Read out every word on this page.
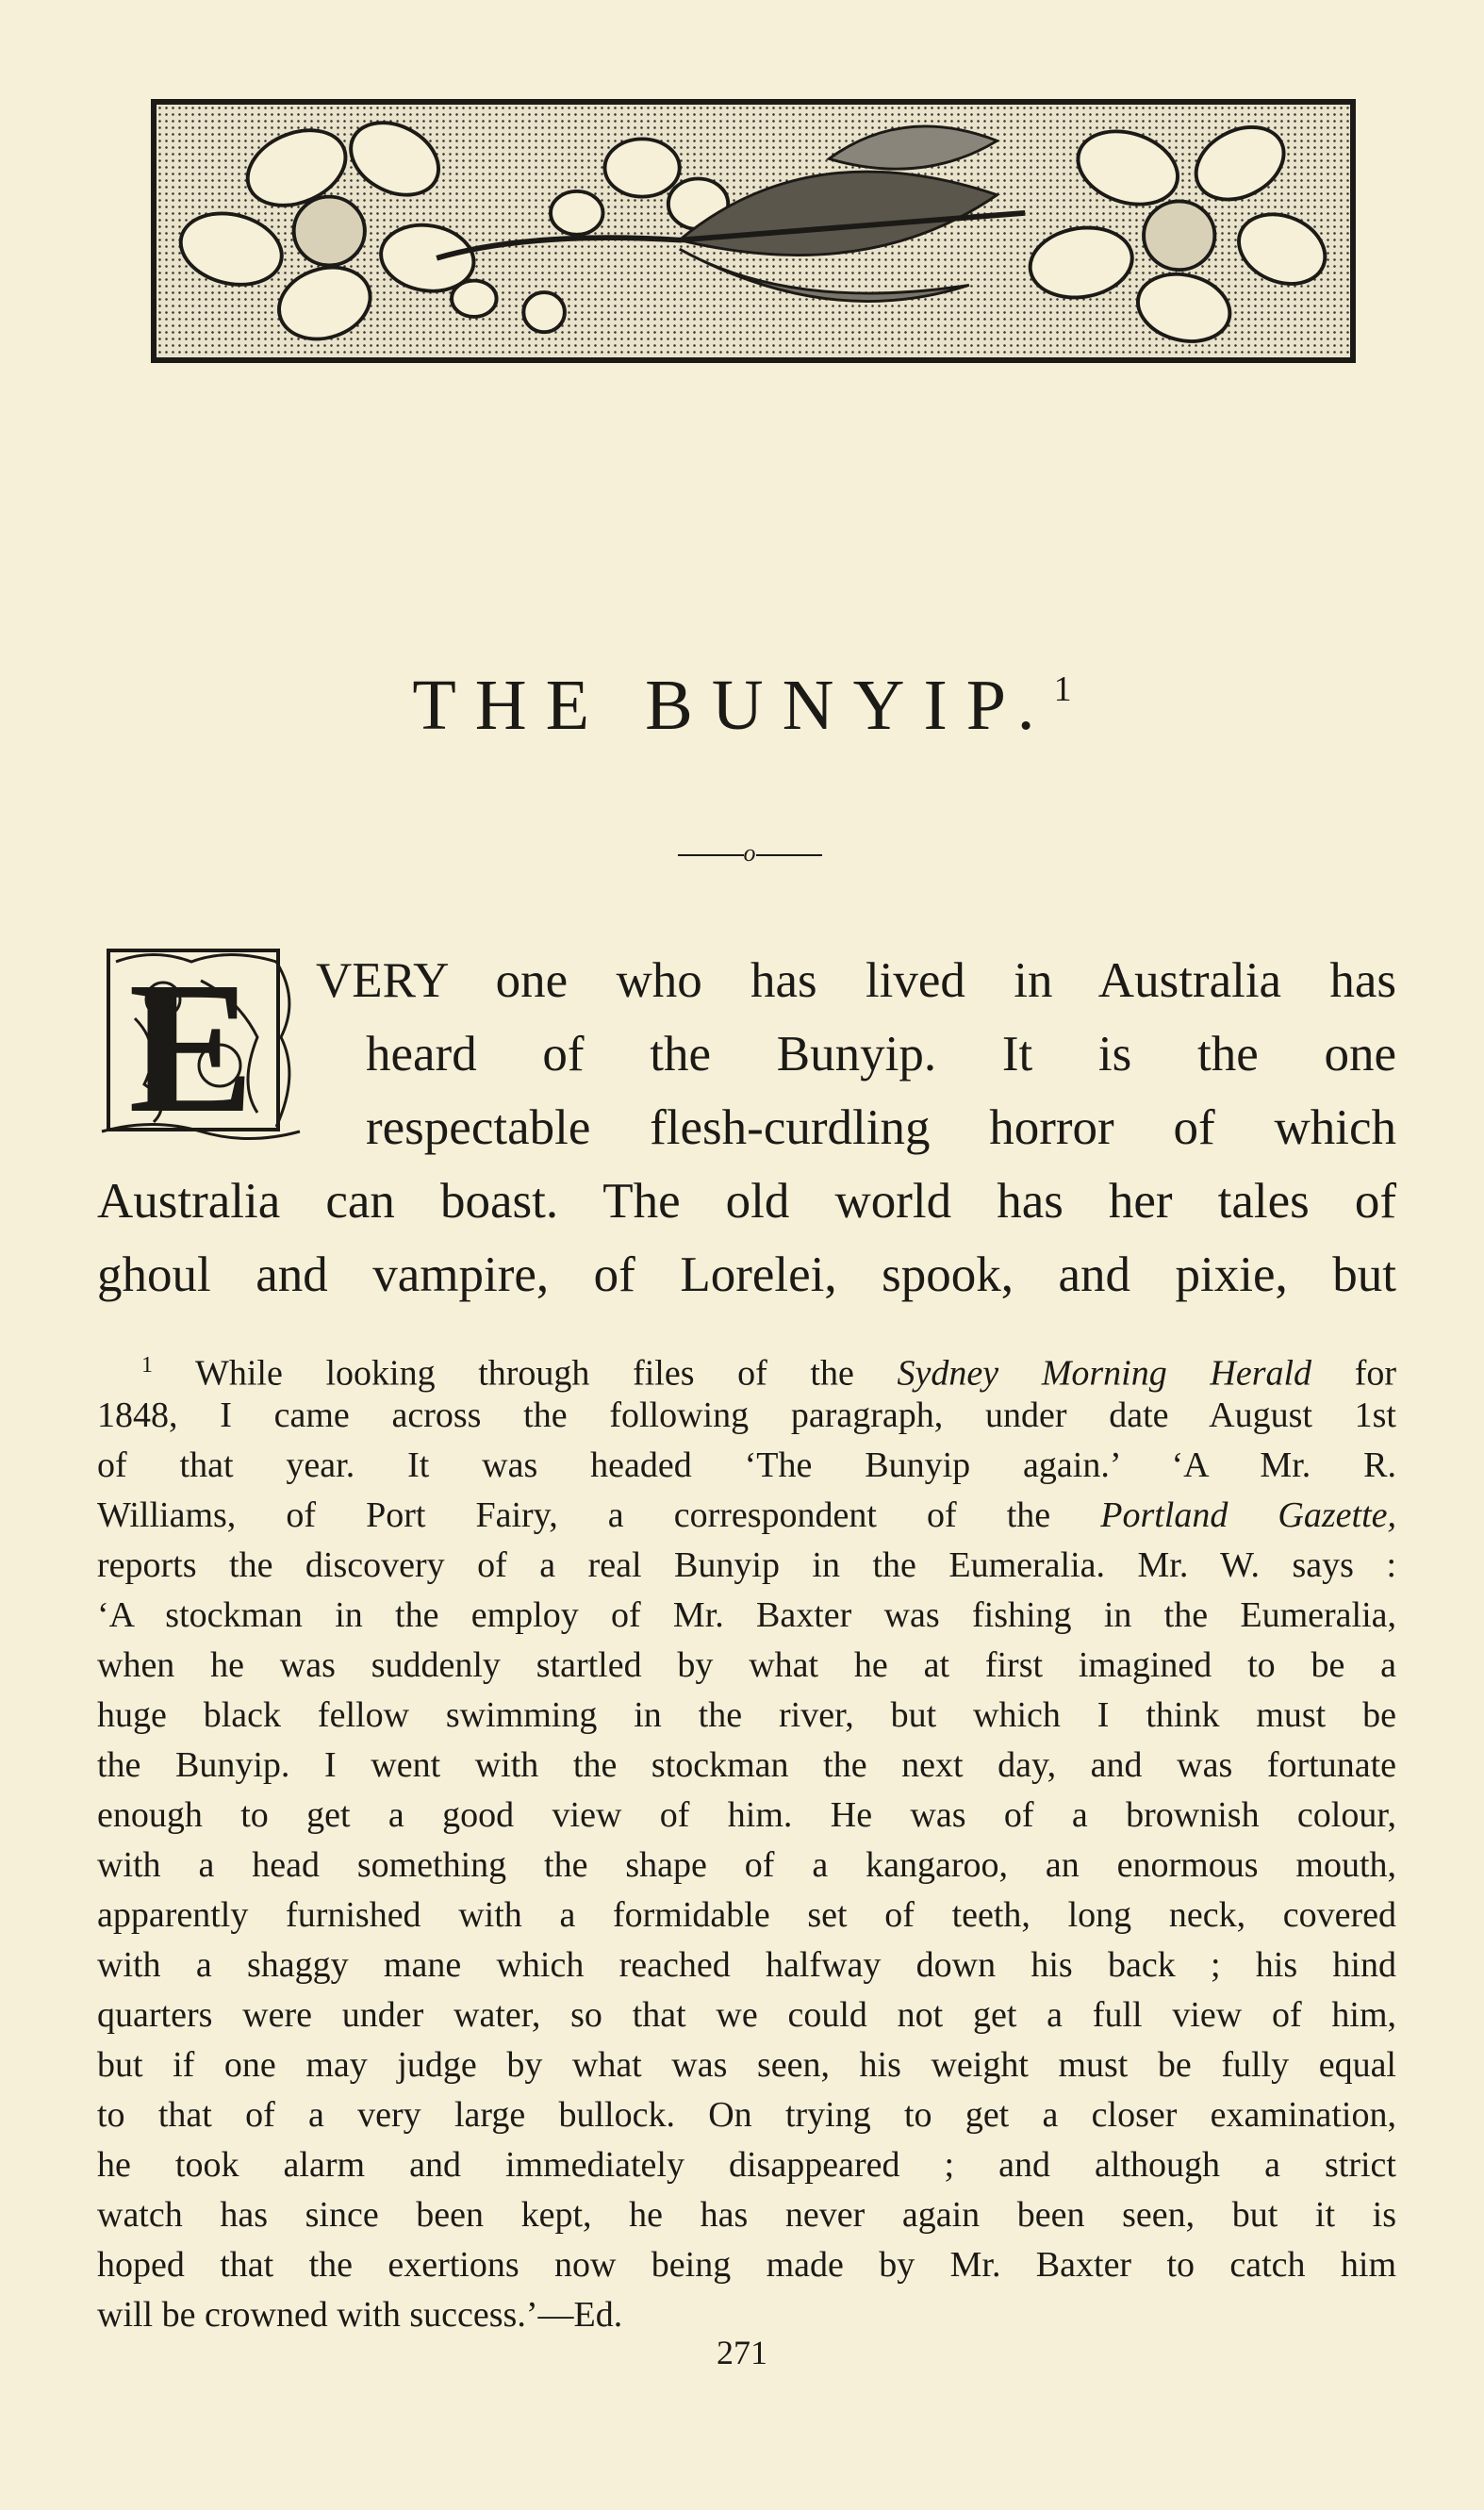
THE BUNYIP.$^1$
o
E VERY one who has lived in Australia has
heard of the Bunyip. It is the one
respectable flesh-curdling horror of which
Australia can boast. The old world has her tales of
ghoul and vampire, of Lorelei, spook, and pixie, but
$^1$ While looking through files of the Sydney Morning Herald for
1848, I came across the following paragraph, under date August 1st
of that year. It was headed ‘The Bunyip again.’ ‘A Mr. R.
Williams, of Port Fairy, a correspondent of the Portland Gazette,
reports the discovery of a real Bunyip in the Eumeralia. Mr. W. says :
‘A stockman in the employ of Mr. Baxter was fishing in the Eumeralia,
when he was suddenly startled by what he at first imagined to be a
huge black fellow swimming in the river, but which I think must be
the Bunyip. I went with the stockman the next day, and was fortunate
enough to get a good view of him. He was of a brownish colour,
with a head something the shape of a kangaroo, an enormous mouth,
apparently furnished with a formidable set of teeth, long neck, covered
with a shaggy mane which reached halfway down his back ; his hind
quarters were under water, so that we could not get a full view of him,
but if one may judge by what was seen, his weight must be fully equal
to that of a very large bullock. On trying to get a closer examination,
he took alarm and immediately disappeared ; and although a strict
watch has since been kept, he has never again been seen, but it is
hoped that the exertions now being made by Mr. Baxter to catch him
will be crowned with success.’—Ed.
271
